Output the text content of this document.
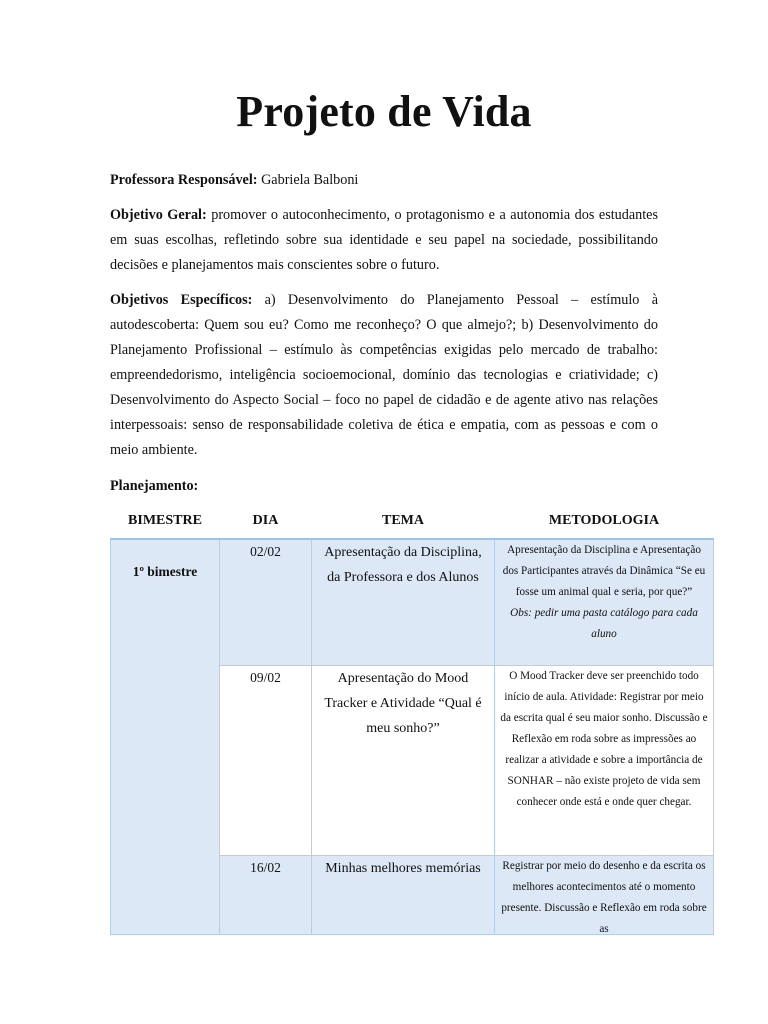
Projeto de Vida

Professora Responsável: Gabriela Balboni

Objetivo Geral: promover o autoconhecimento, o protagonismo e a autonomia dos estudantes em suas escolhas, refletindo sobre sua identidade e seu papel na sociedade, possibilitando decisões e planejamentos mais conscientes sobre o futuro.

Objetivos Específicos: a) Desenvolvimento do Planejamento Pessoal – estímulo à autodescoberta: Quem sou eu? Como me reconheço? O que almejo?; b) Desenvolvimento do Planejamento Profissional – estímulo às competências exigidas pelo mercado de trabalho: empreendedorismo, inteligência socioemocional, domínio das tecnologias e criatividade; c) Desenvolvimento do Aspecto Social – foco no papel de cidadão e de agente ativo nas relações interpessoais: senso de responsabilidade coletiva de ética e empatia, com as pessoas e com o meio ambiente.

Planejamento:

BIMESTRE	DIA	TEMA	METODOLOGIA

1º bimestre	02/02	Apresentação da Disciplina, da Professora e dos Alunos	Apresentação da Disciplina e Apresentação dos Participantes através da Dinâmica “Se eu fosse um animal qual e seria, por que?”
Obs: pedir uma pasta catálogo para cada aluno

	09/02	Apresentação do Mood Tracker e Atividade “Qual é meu sonho?”	O Mood Tracker deve ser preenchido todo início de aula. Atividade: Registrar por meio da escrita qual é seu maior sonho. Discussão e Reflexão em roda sobre as impressões ao realizar a atividade e sobre a importância de SONHAR – não existe projeto de vida sem conhecer onde está e onde quer chegar.
	16/02	Minhas melhores memórias	Registrar por meio do desenho e da escrita os melhores acontecimentos até o momento presente. Discussão e Reflexão em roda sobre as
